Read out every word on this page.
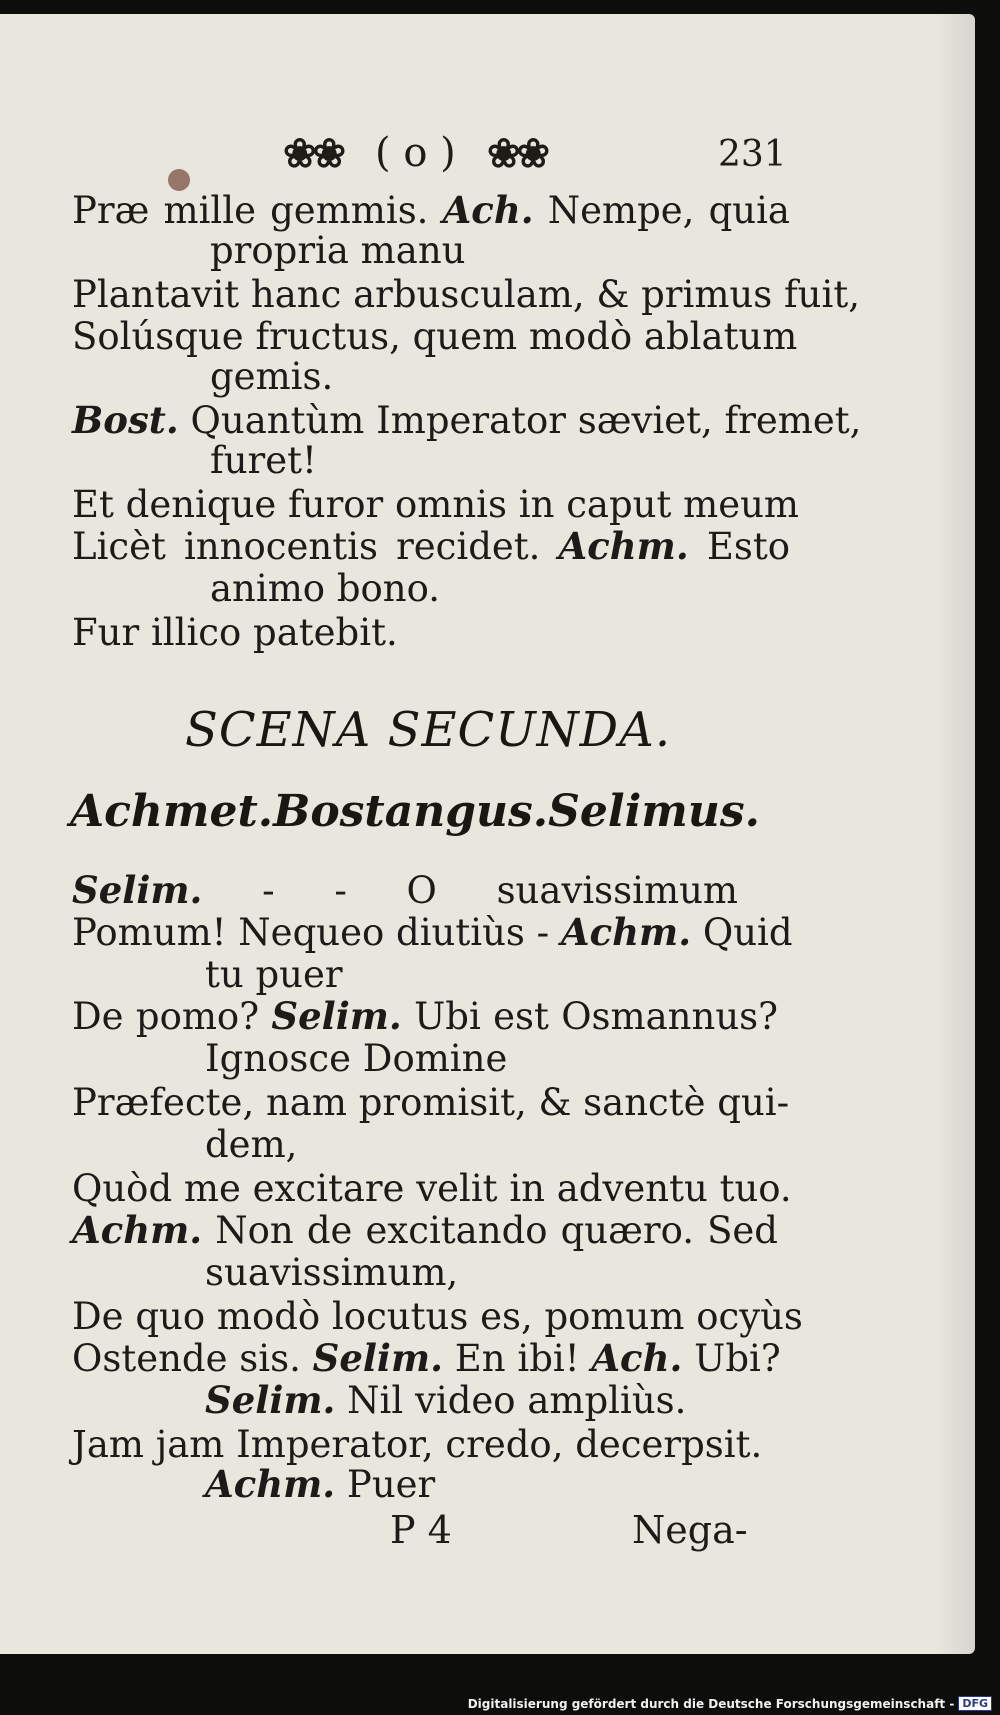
❀❀ ( o ) ❀❀	231
Præ mille gemmis. Ach. Nempe, quia
propria manu
Plantavit hanc arbusculam, & primus fuit,
Solúsque fructus, quem modò ablatum
gemis.
Bost. Quantùm Imperator sæviet, fremet,
furet!
Et denique furor omnis in caput meum
Licèt innocentis recidet. Achm. Esto
animo bono.
Fur illico patebit.
SCENA SECUNDA.
Achmet. Bostangus. Selimus.
Selim. - - O suavissimum
Pomum! Nequeo diutiùs - Achm. Quid
tu puer
De pomo? Selim. Ubi est Osmannus?
Ignosce Domine
Præfecte, nam promisit, & sanctè qui-
dem,
Quòd me excitare velit in adventu tuo.
Achm. Non de excitando quæro. Sed
suavissimum,
De quo modò locutus es, pomum ocyùs
Ostende sis. Selim. En ibi! Ach. Ubi?
Selim. Nil video ampliùs.
Jam jam Imperator, credo, decerpsit.
Achm. Puer
P 4	Nega-
Digitalisierung gefördert durch die Deutsche Forschungsgemeinschaft - DFG
